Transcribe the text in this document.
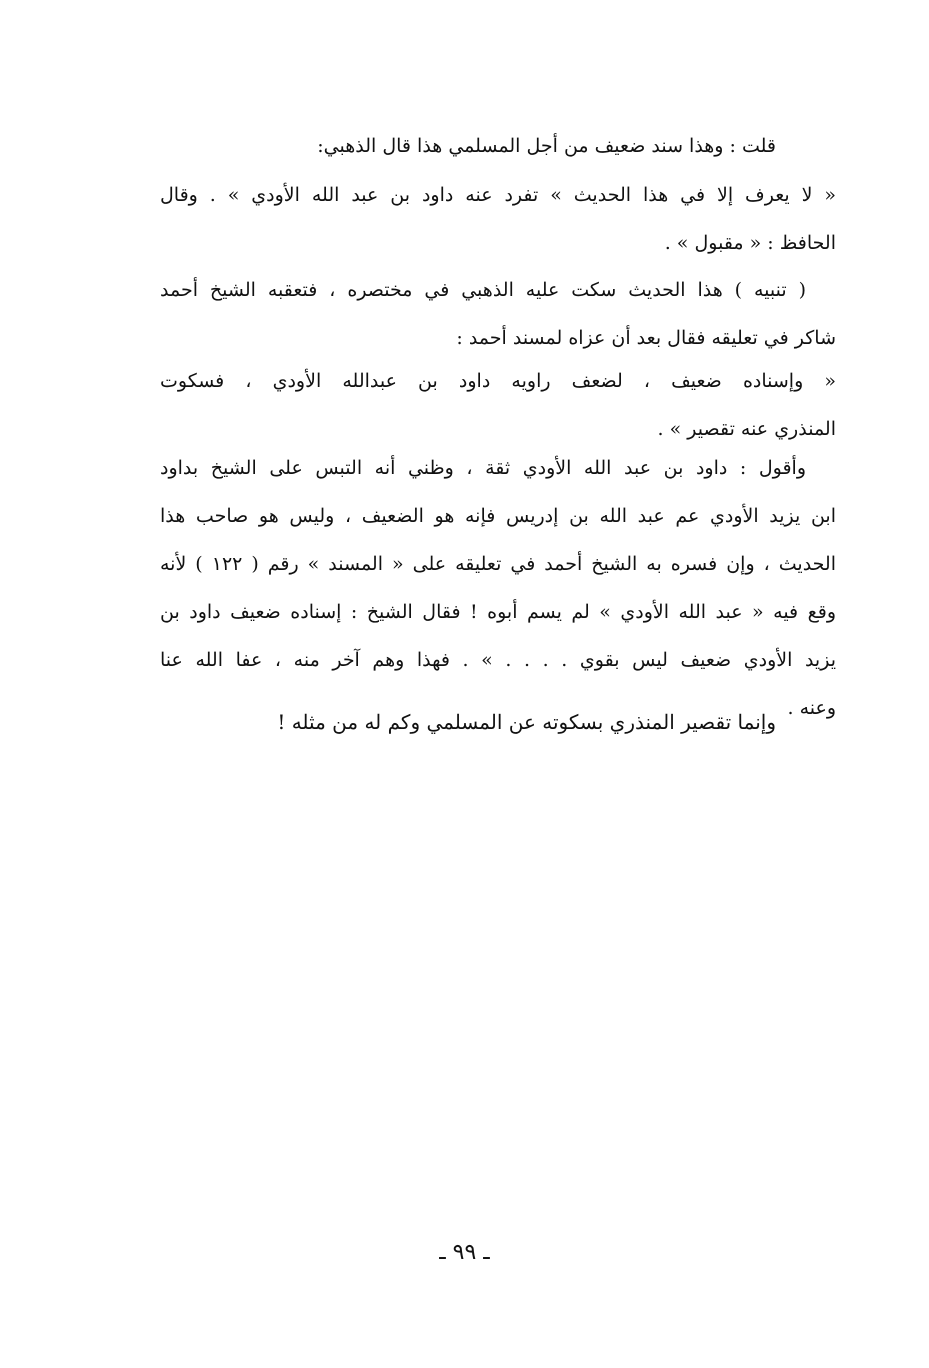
قلت : وهذا سند ضعيف من أجل المسلمي هذا قال الذهبي:
« لا يعرف إلا في هذا الحديث » تفرد عنه داود بن عبد الله الأودي » . وقال
الحافظ : « مقبول » .
( تنبيه ) هذا الحديث سكت عليه الذهبي في مختصره ، فتعقبه الشيخ أحمد
شاكر في تعليقه فقال بعد أن عزاه لمسند أحمد :
« وإسناده ضعيف ، لضعف راويه داود بن عبدالله الأودي ، فسكوت
المنذري عنه تقصير » .
وأقول : داود بن عبد الله الأودي ثقة ، وظني أنه التبس على الشيخ بداود
ابن يزيد الأودي عم عبد الله بن إدريس فإنه هو الضعيف ، وليس هو صاحب هذا
الحديث ، وإن فسره به الشيخ أحمد في تعليقه على « المسند » رقم ( ١٢٢ ) لأنه
وقع فيه « عبد الله الأودي » لم يسم أبوه ! فقال الشيخ : إسناده ضعيف داود بن
يزيد الأودي ضعيف ليس بقوي . . . . » . فهذا وهم آخر منه ، عفا الله عنا
وعنه .
وإنما تقصير المنذري بسكوته عن المسلمي وكم له من مثله !
ـ ٩٩ ـ
